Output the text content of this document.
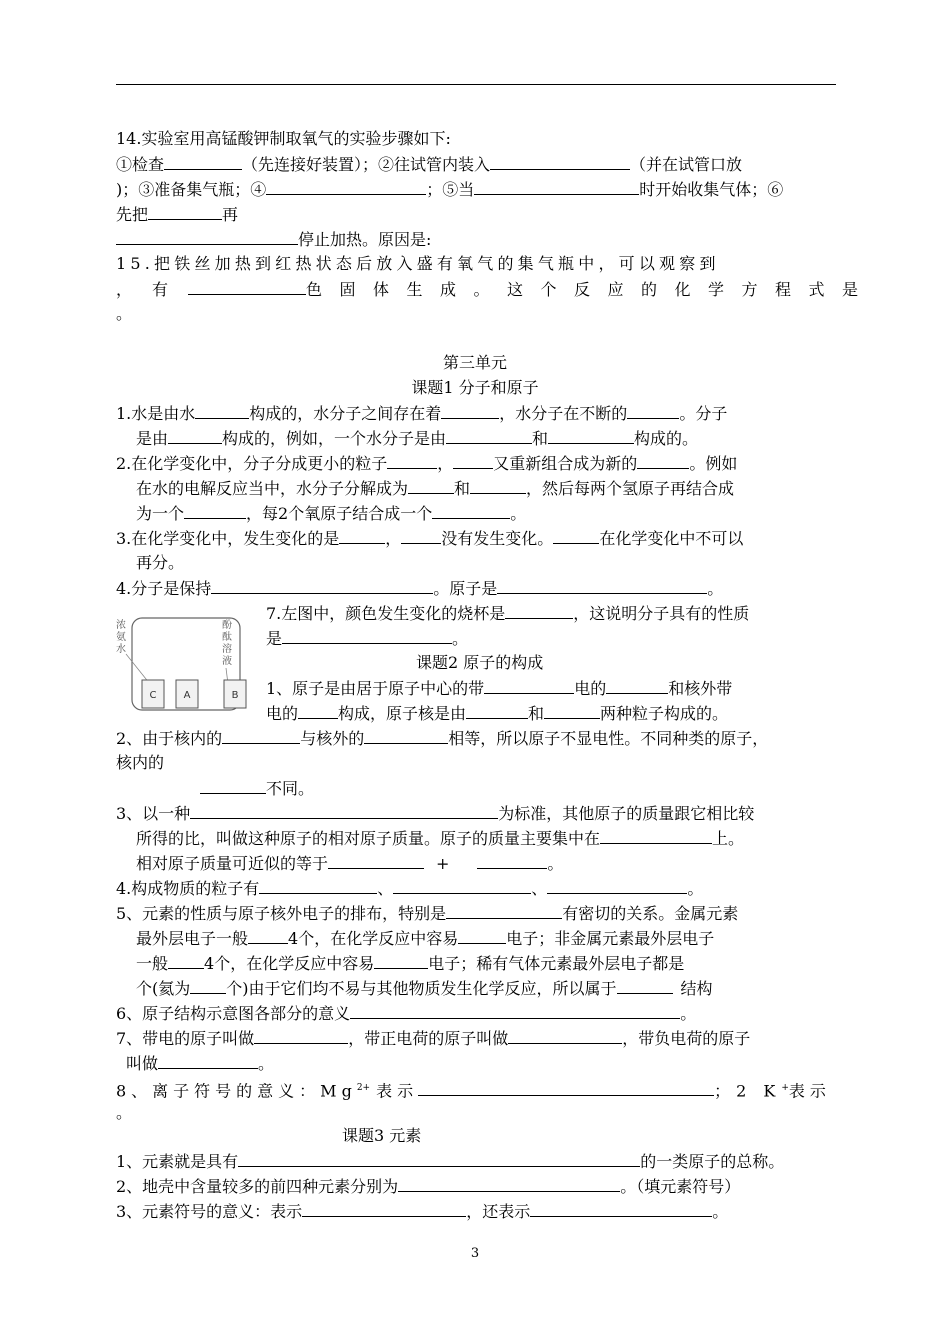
14.实验室用高锰酸钾制取氧气的实验步骤如下:
①检查	（先连接好装置）；②往试管内装入	（并在试管口放
)；③准备集气瓶；④	；⑤当	时开始收集气体；⑥
先把	再
停止加热。原因是:
15.把铁丝加热到红热状态后放入盛有氧气的集气瓶中，可以观察到
，有	色固体生成。这个反应的化学方程式是
。
第三单元
课题1 分子和原子
1.水是由水	构成的，水分子之间存在着	，水分子在不断的	。分子
是由	构成的，例如，一个水分子是由	和	构成的。
2.在化学变化中，分子分成更小的粒子	，	又重新组合成为新的	。例如
在水的电解反应当中，水分子分解成为	和	，然后每两个氢原子再结合成
为一个	，每2个氧原子结合成一个	。
3.在化学变化中，发生变化的是	，	没有发生变化。	在化学变化中不可以
再分。
4.分子是保持	。原子是	。
浓
氨
水
酚
酞
溶
液
C	A	B
7.左图中，颜色发生变化的烧杯是	，这说明分子具有的性质
是	。
课题2 原子的构成
1、原子是由居于原子中心的带	电的	和核外带
电的	构成，原子核是由	和	两种粒子构成的。
2、由于核内的	与核外的	相等，所以原子不显电性。不同种类的原子，
核内的
不同。
3、以一种	为标准，其他原子的质量跟它相比较
所得的比，叫做这种原子的相对原子质量。原子的质量主要集中在	上。
相对原子质量可近似的等于	+	。
4.构成物质的粒子有	、	、	。
5、元素的性质与原子核外电子的排布，特别是	有密切的关系。金属元素
最外层电子一般	4个，在化学反应中容易	电子；非金属元素最外层电子
一般 4个，在化学反应中容易	电子；稀有气体元素最外层电子都是
个(氦为 个)由于它们均不易与其他物质发生化学反应，所以属于	结构
6、原子结构示意图各部分的意义	。
7、带电的原子叫做	，带正电荷的原子叫做	，带负电荷的原子
叫做	。
8、离子符号的意义：$Mg^{2+}$ 表示	；2 K+表示
。
课题3 元素
1、元素就是具有	的一类原子的总称。
2、地壳中含量较多的前四种元素分别为	。（填元素符号）
3、元素符号的意义：表示	，还表示	。
3
